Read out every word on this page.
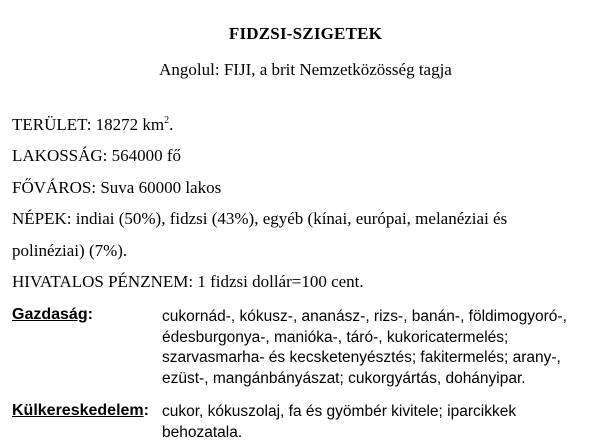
FIDZSI-SZIGETEK
Angolul: FIJI, a brit Nemzetközösség tagja
TERÜLET: 18272 $km^2$.
LAKOSSÁG: 564000 fő
FŐVÁROS: Suva 60000 lakos
NÉPEK: indiai (50%), fidzsi (43%), egyéb (kínai, európai, melanéziai és
polinéziai) (7%).
HIVATALOS PÉNZNEM: 1 fidzsi dollár=100 cent.
Gazdaság:	cukornád-, kókusz-, ananász-, rizs-, banán-, földimogyoró-,
édesburgonya-, manióka-, táró-, kukoricatermelés;
szarvasmarha- és kecsketenyésztés; fakitermelés; arany-,
ezüst-, mangánbányászat; cukorgyártás, dohányipar.
Külkereskedelem: cukor, kókuszolaj, fa és gyömbér kivitele; iparcikkek
behozatala.
